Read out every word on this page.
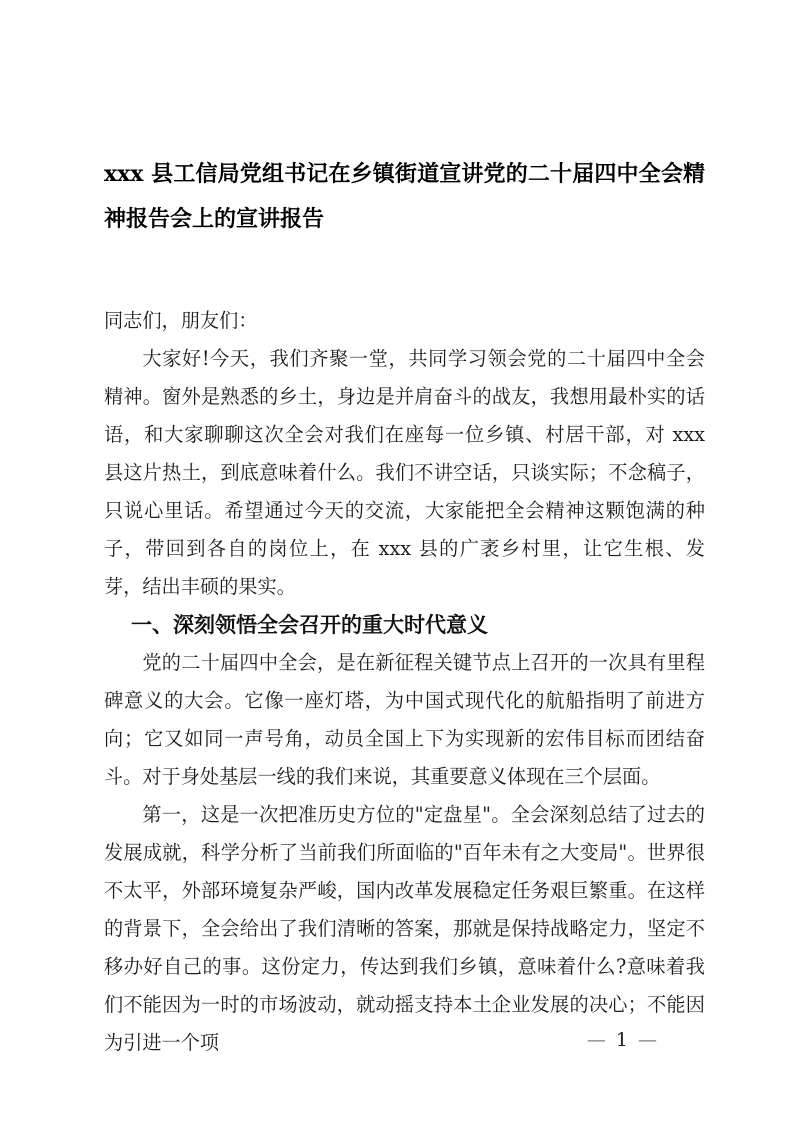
xxx 县工信局党组书记在乡镇街道宣讲党的二十届四中全会精神报告会上的宣讲报告

同志们，朋友们：

大家好!今天，我们齐聚一堂，共同学习领会党的二十届四中全会精神。窗外是熟悉的乡土，身边是并肩奋斗的战友，我想用最朴实的话语，和大家聊聊这次全会对我们在座每一位乡镇、村居干部，对 xxx 县这片热土，到底意味着什么。我们不讲空话，只谈实际；不念稿子，只说心里话。希望通过今天的交流，大家能把全会精神这颗饱满的种子，带回到各自的岗位上，在 xxx 县的广袤乡村里，让它生根、发芽，结出丰硕的果实。

一、深刻领悟全会召开的重大时代意义

党的二十届四中全会，是在新征程关键节点上召开的一次具有里程碑意义的大会。它像一座灯塔，为中国式现代化的航船指明了前进方向；它又如同一声号角，动员全国上下为实现新的宏伟目标而团结奋斗。对于身处基层一线的我们来说，其重要意义体现在三个层面。

第一，这是一次把准历史方位的"定盘星"。全会深刻总结了过去的发展成就，科学分析了当前我们所面临的"百年未有之大变局"。世界很不太平，外部环境复杂严峻，国内改革发展稳定任务艰巨繁重。在这样的背景下，全会给出了我们清晰的答案，那就是保持战略定力，坚定不移办好自己的事。这份定力，传达到我们乡镇，意味着什么?意味着我们不能因为一时的市场波动，就动摇支持本土企业发展的决心；不能因为引进一个项	— 1 —
